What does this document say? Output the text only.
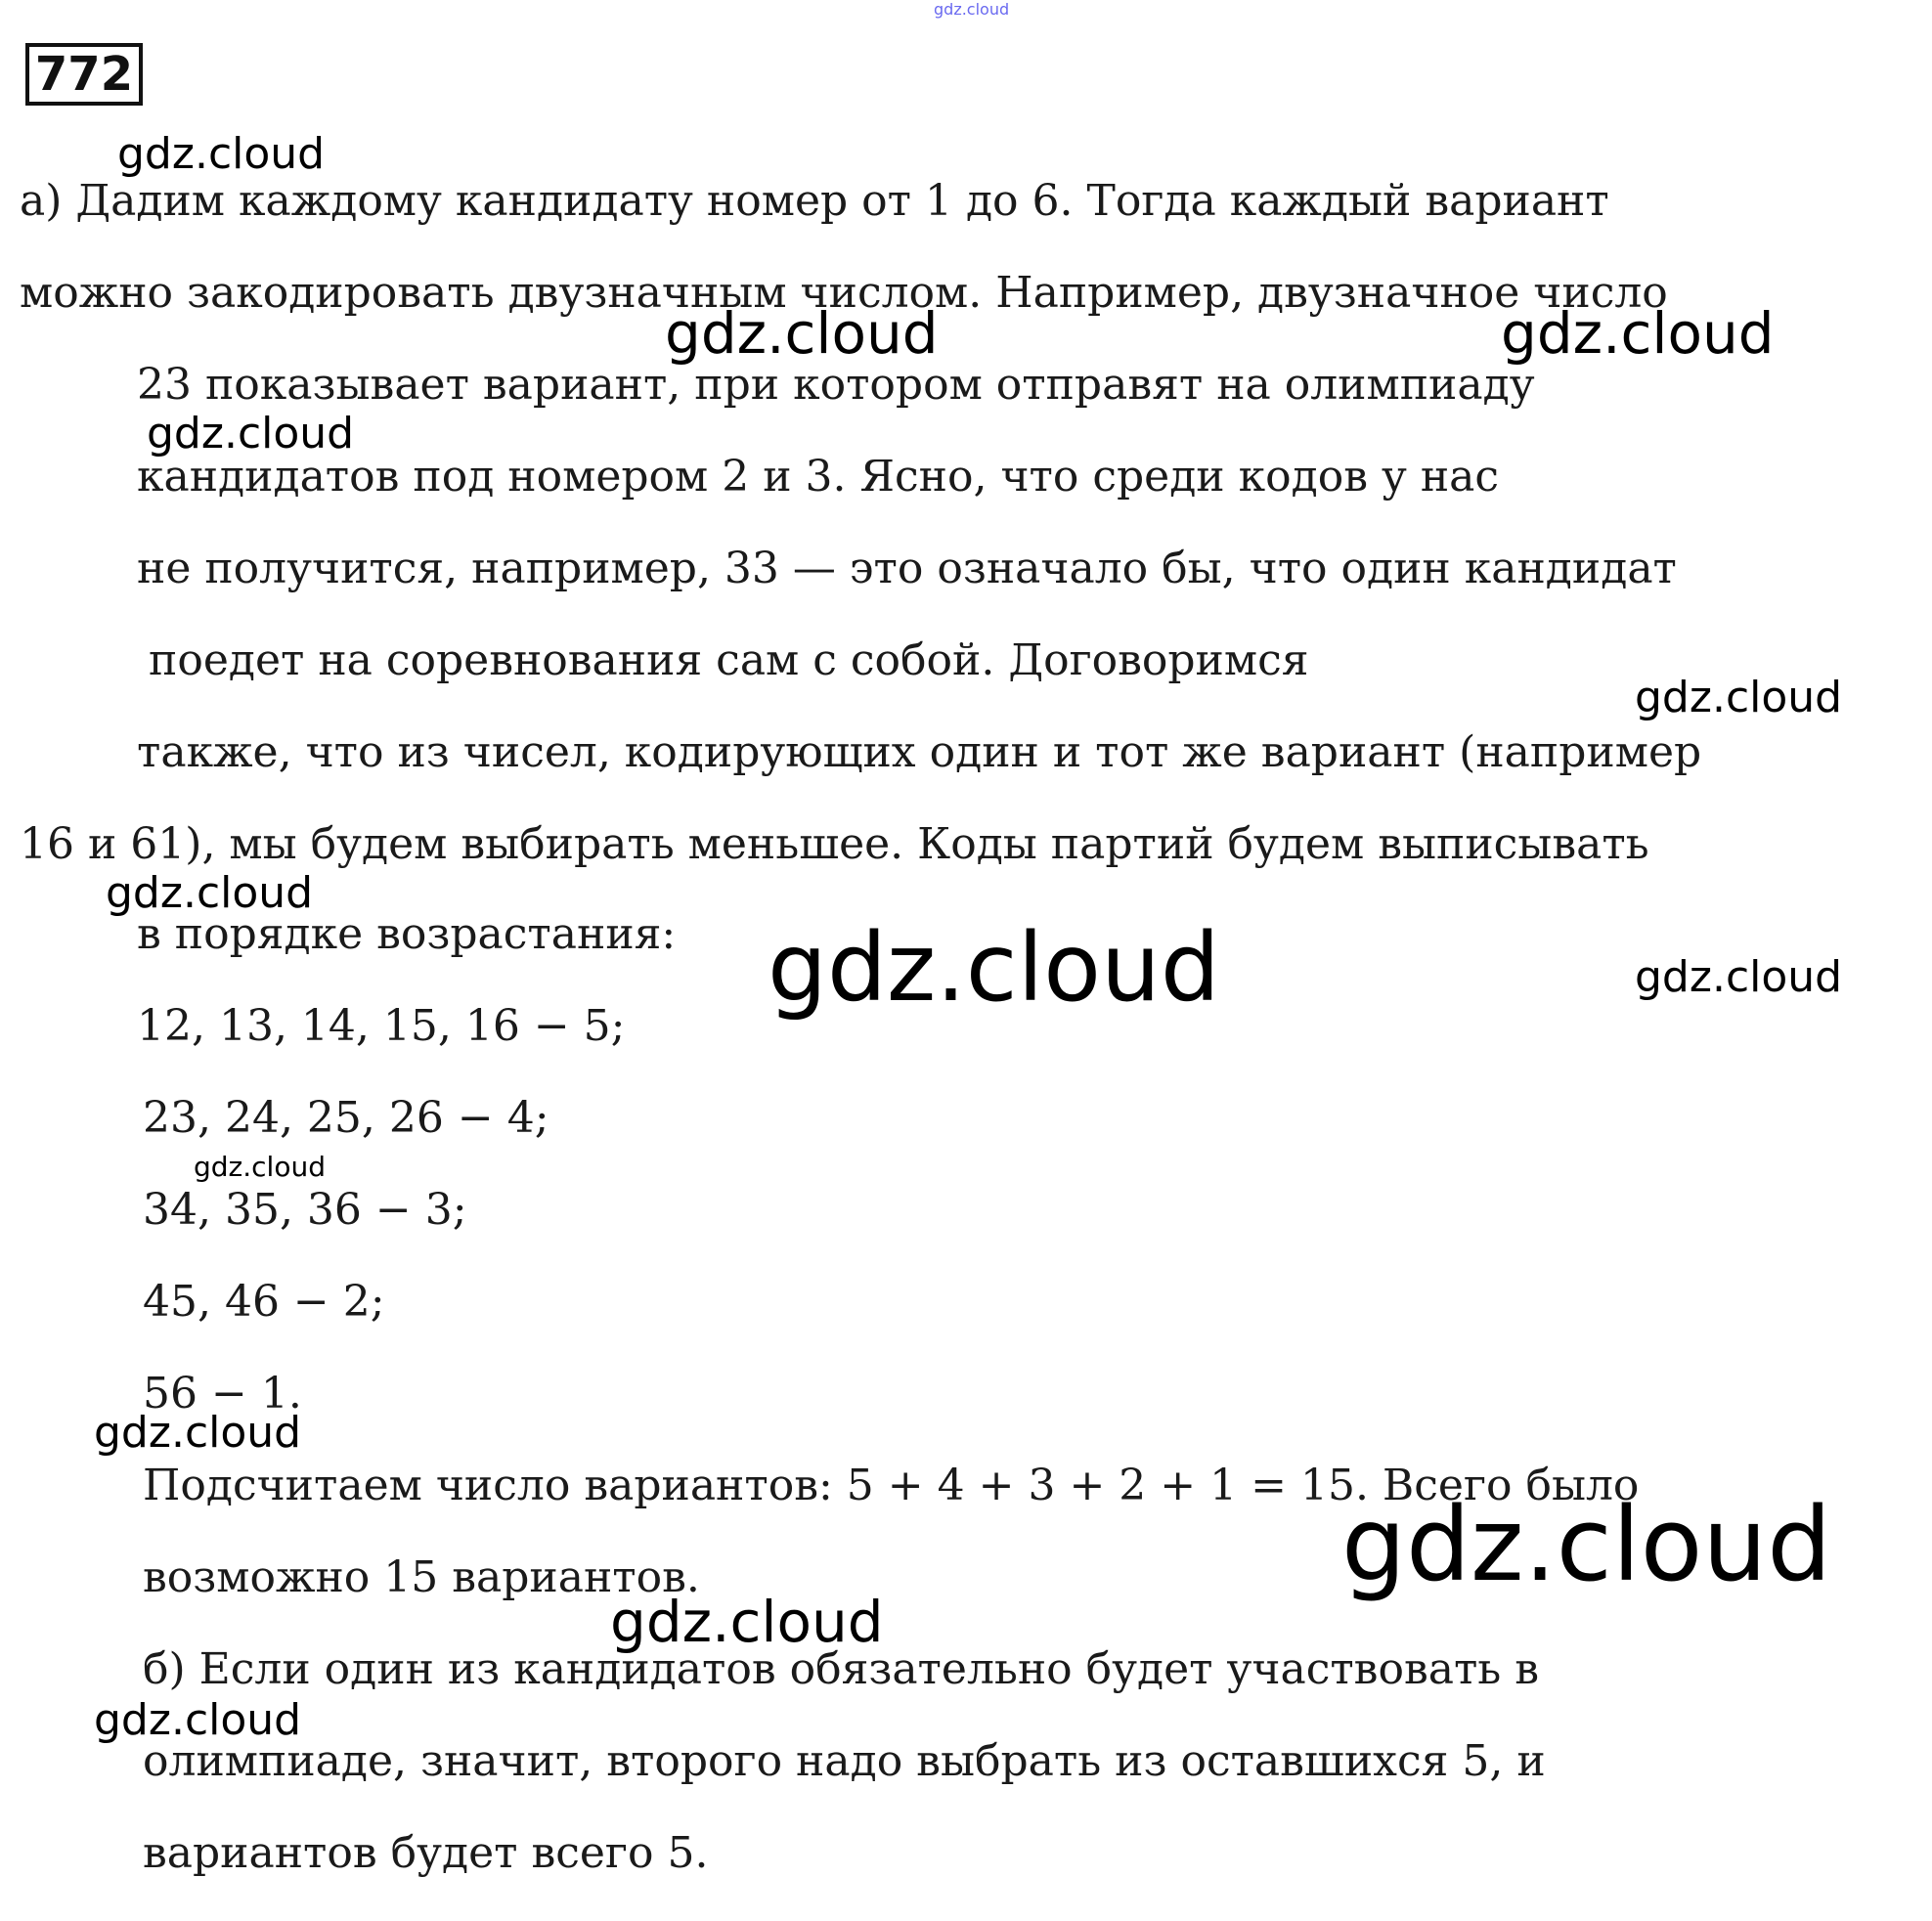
772
а) Дадим каждому кандидату номер от 1 до 6. Тогда каждый вариант
можно закодировать двузначным числом. Например, двузначное число
23 показывает вариант, при котором отправят на олимпиаду
кандидатов под номером 2 и 3. Ясно, что среди кодов у нас
не получится, например, 33 — это означало бы, что один кандидат
поедет на соревнования сам с собой. Договоримся
также, что из чисел, кодирующих один и тот же вариант (например
16 и 61), мы будем выбирать меньшее. Коды партий будем выписывать
в порядке возрастания:
12, 13, 14, 15, 16 − 5;
23, 24, 25, 26 − 4;
34, 35, 36 − 3;
45, 46 − 2;
56 − 1.
Подсчитаем число вариантов: 5 + 4 + 3 + 2 + 1 = 15. Всего было
возможно 15 вариантов.
б) Если один из кандидатов обязательно будет участвовать в
олимпиаде, значит, второго надо выбрать из оставшихся 5, и
вариантов будет всего 5.
gdz.cloud
gdz.cloud
gdz.cloud	gdz.cloud
gdz.cloud
gdz.cloud
gdz.cloud
gdz.cloud	gdz.cloud
gdz.cloud
gdz.cloud
gdz.cloud
gdz.cloud
gdz.cloud
